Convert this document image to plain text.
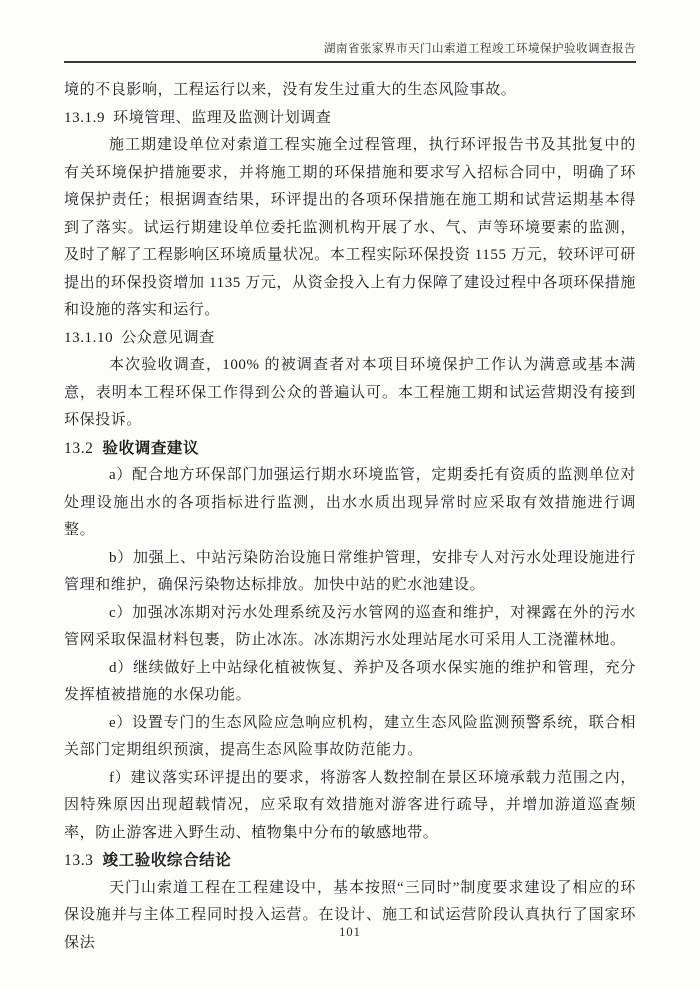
湖南省张家界市天门山索道工程竣工环境保护验收调查报告

境的不良影响，工程运行以来，没有发生过重大的生态风险事故。

13.1.9 环境管理、监理及监测计划调查

施工期建设单位对索道工程实施全过程管理，执行环评报告书及其批复中的有关环境保护措施要求，并将施工期的环保措施和要求写入招标合同中，明确了环境保护责任；根据调查结果，环评提出的各项环保措施在施工期和试营运期基本得到了落实。试运行期建设单位委托监测机构开展了水、气、声等环境要素的监测，及时了解了工程影响区环境质量状况。本工程实际环保投资 1155 万元，较环评可研提出的环保投资增加 1135 万元，从资金投入上有力保障了建设过程中各项环保措施和设施的落实和运行。

13.1.10 公众意见调查

本次验收调查，100% 的被调查者对本项目环境保护工作认为满意或基本满意，表明本工程环保工作得到公众的普遍认可。本工程施工期和试运营期没有接到环保投诉。

13.2 验收调查建议

a）配合地方环保部门加强运行期水环境监管，定期委托有资质的监测单位对处理设施出水的各项指标进行监测，出水水质出现异常时应采取有效措施进行调整。

b）加强上、中站污染防治设施日常维护管理，安排专人对污水处理设施进行管理和维护，确保污染物达标排放。加快中站的贮水池建设。

c）加强冰冻期对污水处理系统及污水管网的巡查和维护，对裸露在外的污水管网采取保温材料包裹，防止冰冻。冰冻期污水处理站尾水可采用人工浇灌林地。

d）继续做好上中站绿化植被恢复、养护及各项水保实施的维护和管理，充分发挥植被措施的水保功能。

e）设置专门的生态风险应急响应机构，建立生态风险监测预警系统，联合相关部门定期组织预演，提高生态风险事故防范能力。

f）建议落实环评提出的要求，将游客人数控制在景区环境承载力范围之内，因特殊原因出现超载情况，应采取有效措施对游客进行疏导，并增加游道巡查频率，防止游客进入野生动、植物集中分布的敏感地带。

13.3 竣工验收综合结论

天门山索道工程在工程建设中，基本按照“三同时”制度要求建设了相应的环保设施并与主体工程同时投入运营。在设计、施工和试运营阶段认真执行了国家环保法

101
